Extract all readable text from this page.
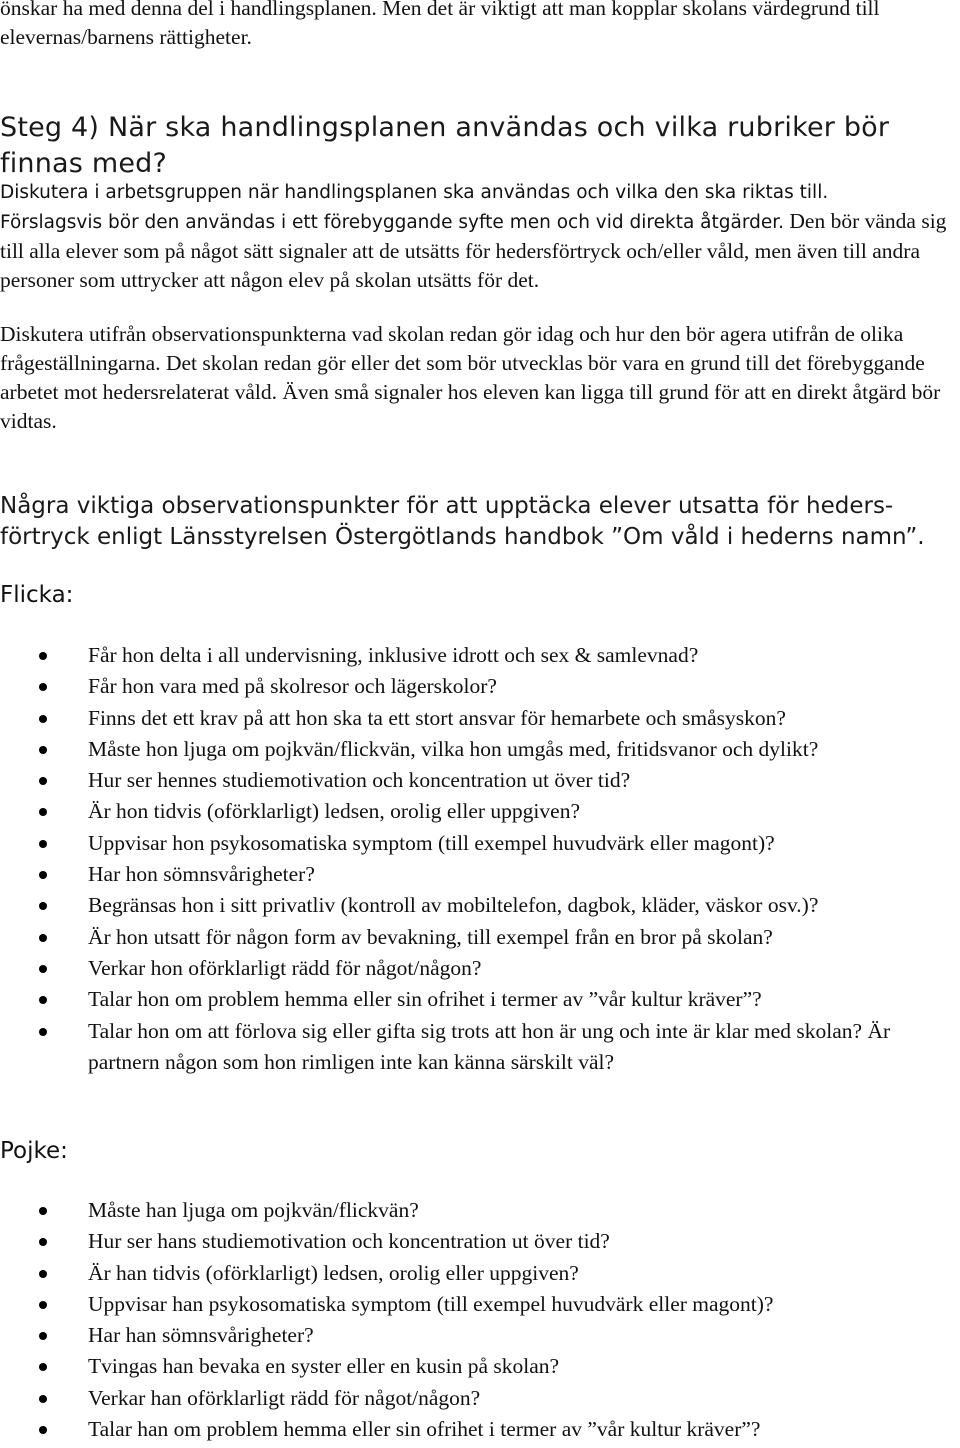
önskar ha med denna del i handlingsplanen. Men det är viktigt att man kopplar skolans värdegrund till elevernas/barnens rättigheter.

Steg 4) När ska handlingsplanen användas och vilka rubriker bör finnas med?

Diskutera i arbetsgruppen när handlingsplanen ska användas och vilka den ska riktas till.
Förslagsvis bör den användas i ett förebyggande syfte men och vid direkta åtgärder. Den bör vända sig till alla elever som på något sätt signaler att de utsätts för hedersförtryck och/eller våld, men även till andra personer som uttrycker att någon elev på skolan utsätts för det.

Diskutera utifrån observationspunkterna vad skolan redan gör idag och hur den bör agera utifrån de olika frågeställningarna. Det skolan redan gör eller det som bör utvecklas bör vara en grund till det förebyggande arbetet mot hedersrelaterat våld. Även små signaler hos eleven kan ligga till grund för att en direkt åtgärd bör vidtas.

Några viktiga observationspunkter för att upptäcka elever utsatta för heders-
förtryck enligt Länsstyrelsen Östergötlands handbok ”Om våld i hederns namn”.
Flicka:
Får hon delta i all undervisning, inklusive idrott och sex & samlevnad?
Får hon vara med på skolresor och lägerskolor?
Finns det ett krav på att hon ska ta ett stort ansvar för hemarbete och småsyskon?
Måste hon ljuga om pojkvän/flickvän, vilka hon umgås med, fritidsvanor och dylikt?
Hur ser hennes studiemotivation och koncentration ut över tid?
Är hon tidvis (oförklarligt) ledsen, orolig eller uppgiven?
Uppvisar hon psykosomatiska symptom (till exempel huvudvärk eller magont)?
Har hon sömnsvårigheter?
Begränsas hon i sitt privatliv (kontroll av mobiltelefon, dagbok, kläder, väskor osv.)?
Är hon utsatt för någon form av bevakning, till exempel från en bror på skolan?
Verkar hon oförklarligt rädd för något/någon?
Talar hon om problem hemma eller sin ofrihet i termer av ”vår kultur kräver”?
Talar hon om att förlova sig eller gifta sig trots att hon är ung och inte är klar med skolan? Är partnern någon som hon rimligen inte kan känna särskilt väl?
Pojke:
Måste han ljuga om pojkvän/flickvän?
Hur ser hans studiemotivation och koncentration ut över tid?
Är han tidvis (oförklarligt) ledsen, orolig eller uppgiven?
Uppvisar han psykosomatiska symptom (till exempel huvudvärk eller magont)?
Har han sömnsvårigheter?
Tvingas han bevaka en syster eller en kusin på skolan?
Verkar han oförklarligt rädd för något/någon?
Talar han om problem hemma eller sin ofrihet i termer av ”vår kultur kräver”?
